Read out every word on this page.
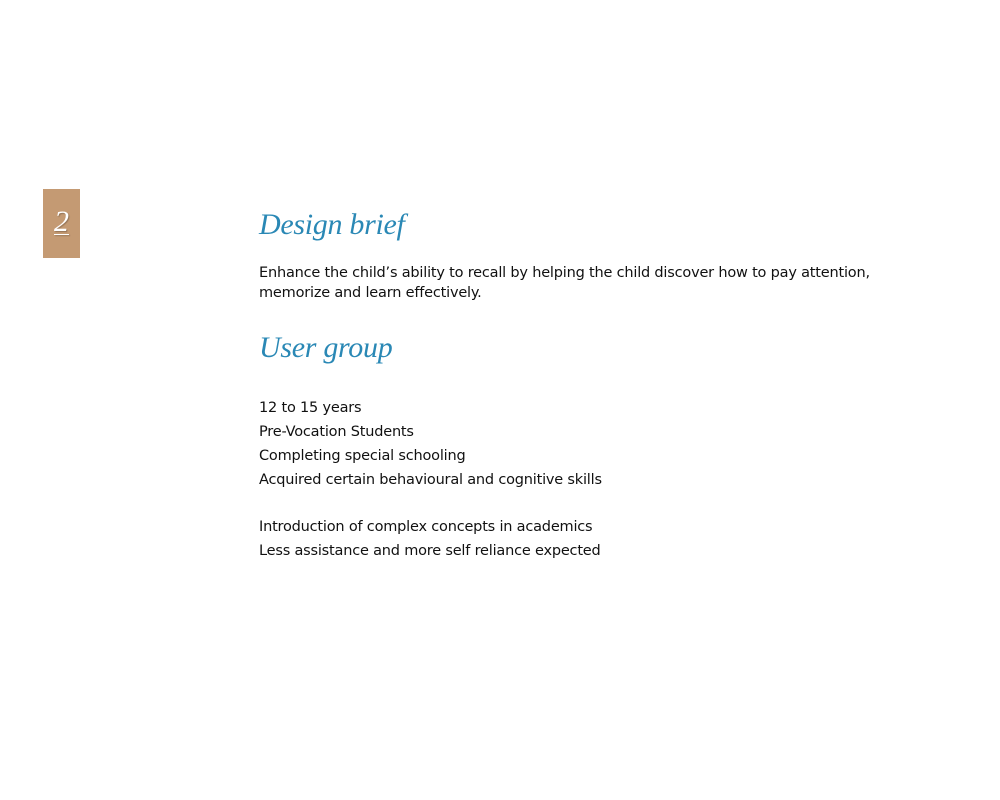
2	Design brief

Enhance the child’s ability to recall by helping the child discover how to pay attention, memorize and learn effectively.

User group
12 to 15 years
Pre-Vocation Students
Completing special schooling
Acquired certain behavioural and cognitive skills
Introduction of complex concepts in academics
Less assistance and more self reliance expected
